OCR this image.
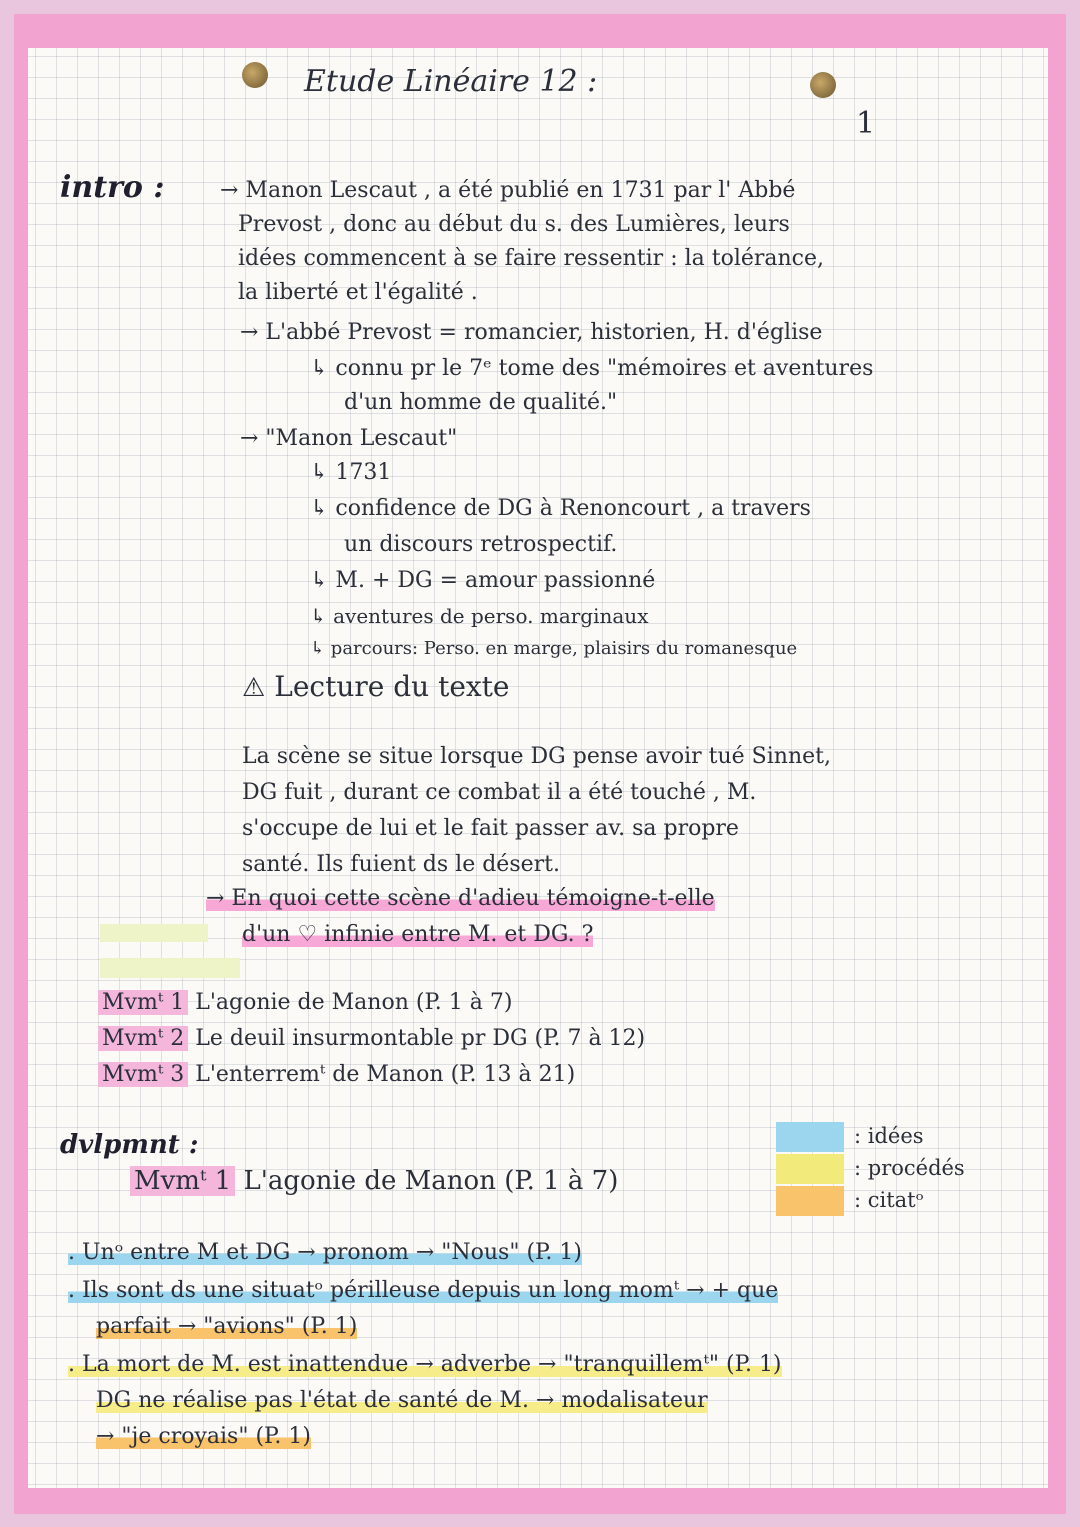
Etude Linéaire 12 :
1
intro :	→ Manon Lescaut , a été publié en 1731 par l' Abbé
Prevost , donc au début du s. des Lumières, leurs
idées commencent à se faire ressentir : la tolérance,
la liberté et l'égalité .
→ L'abbé Prevost = romancier, historien, H. d'église
↳ connu pr le 7ᵉ tome des "mémoires et aventures
d'un homme de qualité."
→ "Manon Lescaut"
↳ 1731
↳ confidence de DG à Renoncourt , a travers
un discours retrospectif.
↳ M. + DG = amour passionné
↳ aventures de perso. marginaux
↳ parcours: Perso. en marge, plaisirs du romanesque
⚠ Lecture du texte
La scène se situe lorsque DG pense avoir tué Sinnet,
DG fuit , durant ce combat il a été touché , M.
s'occupe de lui et le fait passer av. sa propre
santé. Ils fuient ds le désert.
→ En quoi cette scène d'adieu témoigne-t-elle
d'un ♡ infinie entre M. et DG. ?
Mvmᵗ 1 L'agonie de Manon (P. 1 à 7)
Mvmᵗ 2 Le deuil insurmontable pr DG (P. 7 à 12)
Mvmᵗ 3 L'enterremᵗ de Manon (P. 13 à 21)
dvlpmnt :
Mvmᵗ 1 L'agonie de Manon (P. 1 à 7)
: idées
: procédés
: citatᵒ
. Unᵒ entre M et DG → pronom → "Nous" (P. 1)
. Ils sont ds une situatᵒ périlleuse depuis un long momᵗ → + que
parfait → "avions" (P. 1)
. La mort de M. est inattendue → adverbe → "tranquillemᵗ" (P. 1)
DG ne réalise pas l'état de santé de M. → modalisateur
→ "je croyais" (P. 1)
